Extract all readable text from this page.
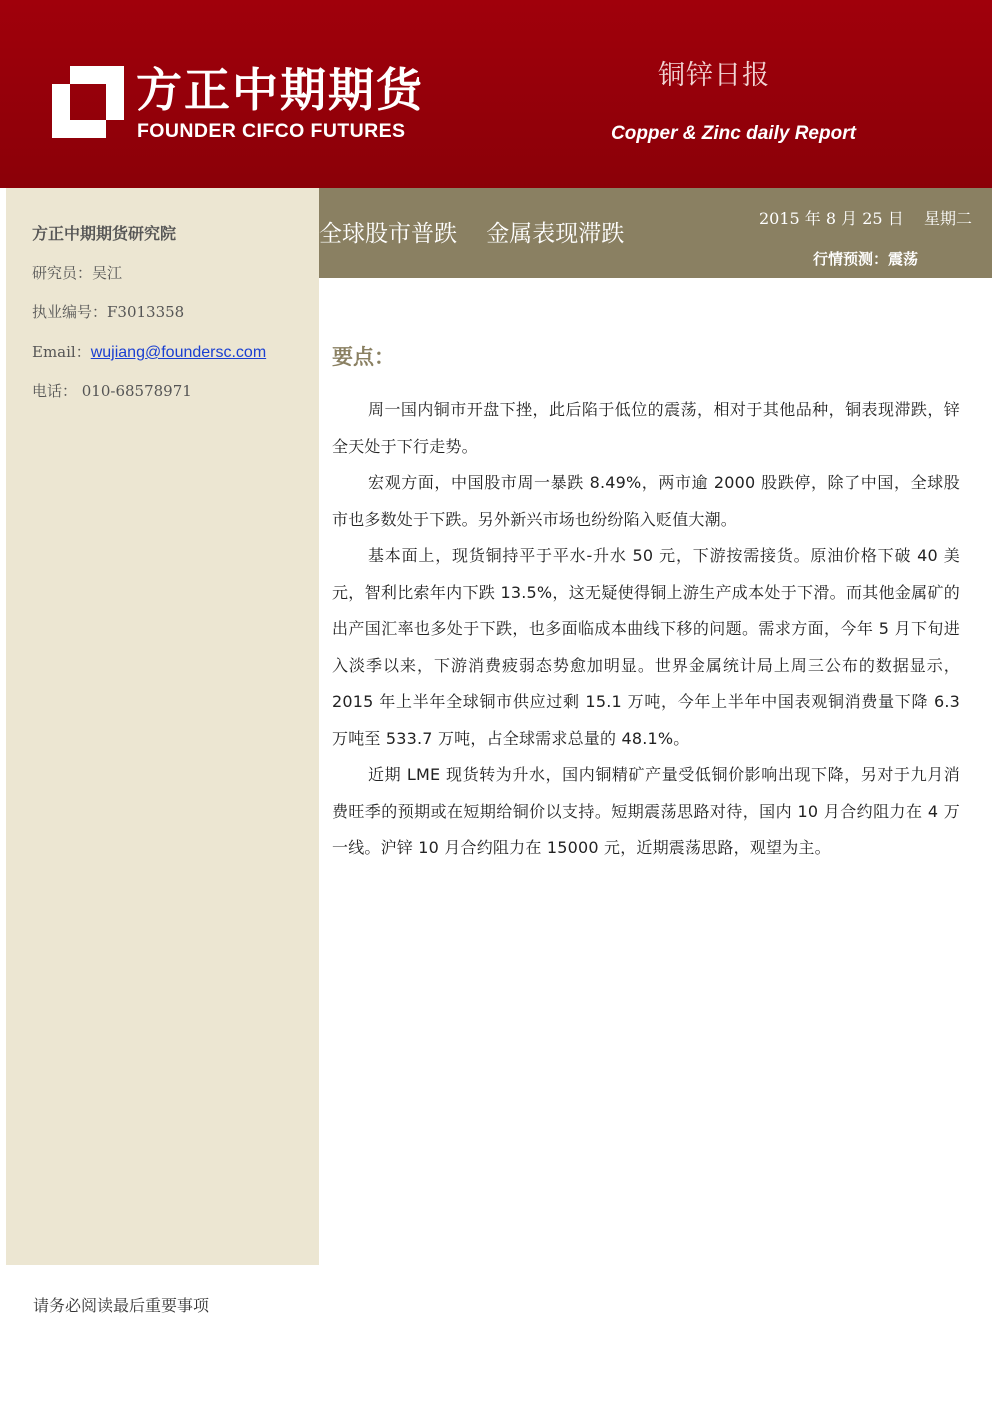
方正中期期货
FOUNDER CIFCO FUTURES
铜锌日报
Copper & Zinc daily Report
方正中期期货研究院
研究员：吴江
执业编号：F3013358
Email：wujiang@foundersc.com
电话： 010-68578971
全球股市普跌    金属表现滞跌
2015 年 8 月 25 日    星期二
行情预测：震荡
要点：

周一国内铜市开盘下挫，此后陷于低位的震荡，相对于其他品种，铜表现滞跌，锌全天处于下行走势。

宏观方面，中国股市周一暴跌 8.49%，两市逾 2000 股跌停，除了中国，全球股市也多数处于下跌。另外新兴市场也纷纷陷入贬值大潮。

基本面上，现货铜持平于平水-升水 50 元，下游按需接货。原油价格下破 40 美元，智利比索年内下跌 13.5%，这无疑使得铜上游生产成本处于下滑。而其他金属矿的出产国汇率也多处于下跌，也多面临成本曲线下移的问题。需求方面，今年 5 月下旬进入淡季以来，下游消费疲弱态势愈加明显。世界金属统计局上周三公布的数据显示，2015 年上半年全球铜市供应过剩 15.1 万吨，今年上半年中国表观铜消费量下降 6.3 万吨至 533.7 万吨，占全球需求总量的 48.1%。

近期 LME 现货转为升水，国内铜精矿产量受低铜价影响出现下降，另对于九月消费旺季的预期或在短期给铜价以支持。短期震荡思路对待，国内 10 月合约阻力在 4 万一线。沪锌 10 月合约阻力在 15000 元，近期震荡思路，观望为主。

请务必阅读最后重要事项
